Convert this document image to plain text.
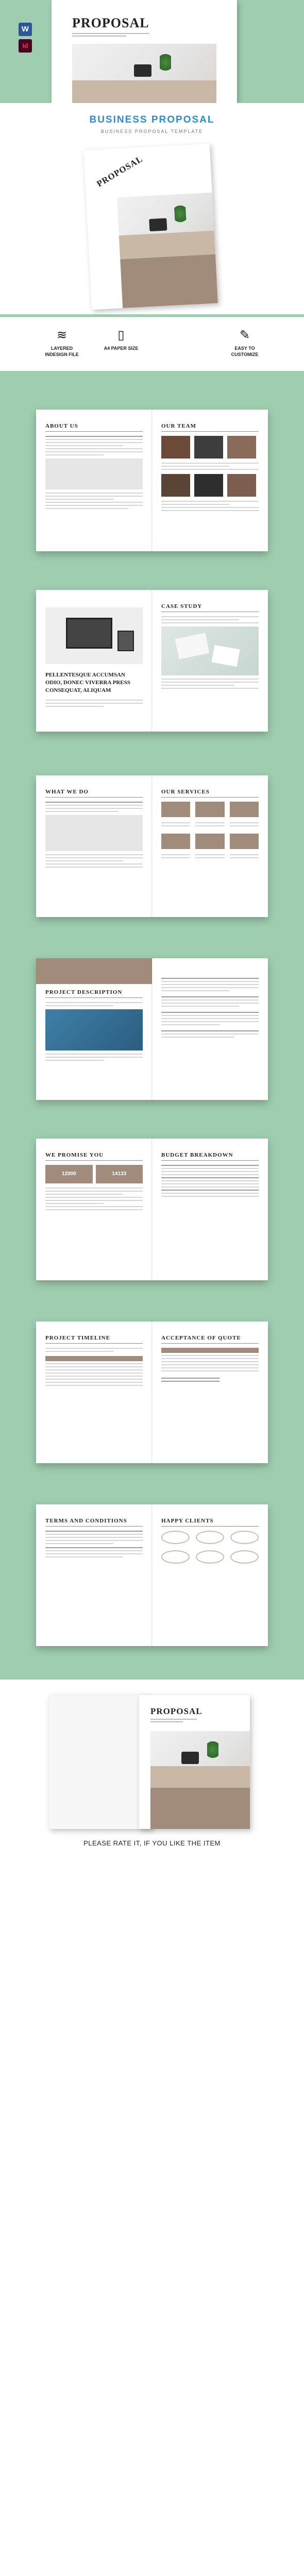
PROPOSAL
W
Id
BUSINESS PROPOSAL
BUSINESS PROPOSAL TEMPLATE
PROPOSAL
≋
LAYERED
INDESIGN FILE
▯
A4 PAPER SIZE
✎
EASY TO
CUSTOMIZE
ABOUT US	OUR TEAM
PELLENTESQUE ACCUMSAN ODIO, DONEC VIVERRA PRESS CONSEQUAT, ALIQUAM
CASE STUDY
WHAT WE DO	OUR SERVICES
PROJECT DESCRIPTION
WE PROMISE YOU
12000	14133
BUDGET BREAKDOWN
PROJECT TIMELINE	ACCEPTANCE OF QUOTE
TERMS AND CONDITIONS	HAPPY CLIENTS
PROPOSAL
PLEASE RATE IT, IF YOU LIKE THE ITEM
